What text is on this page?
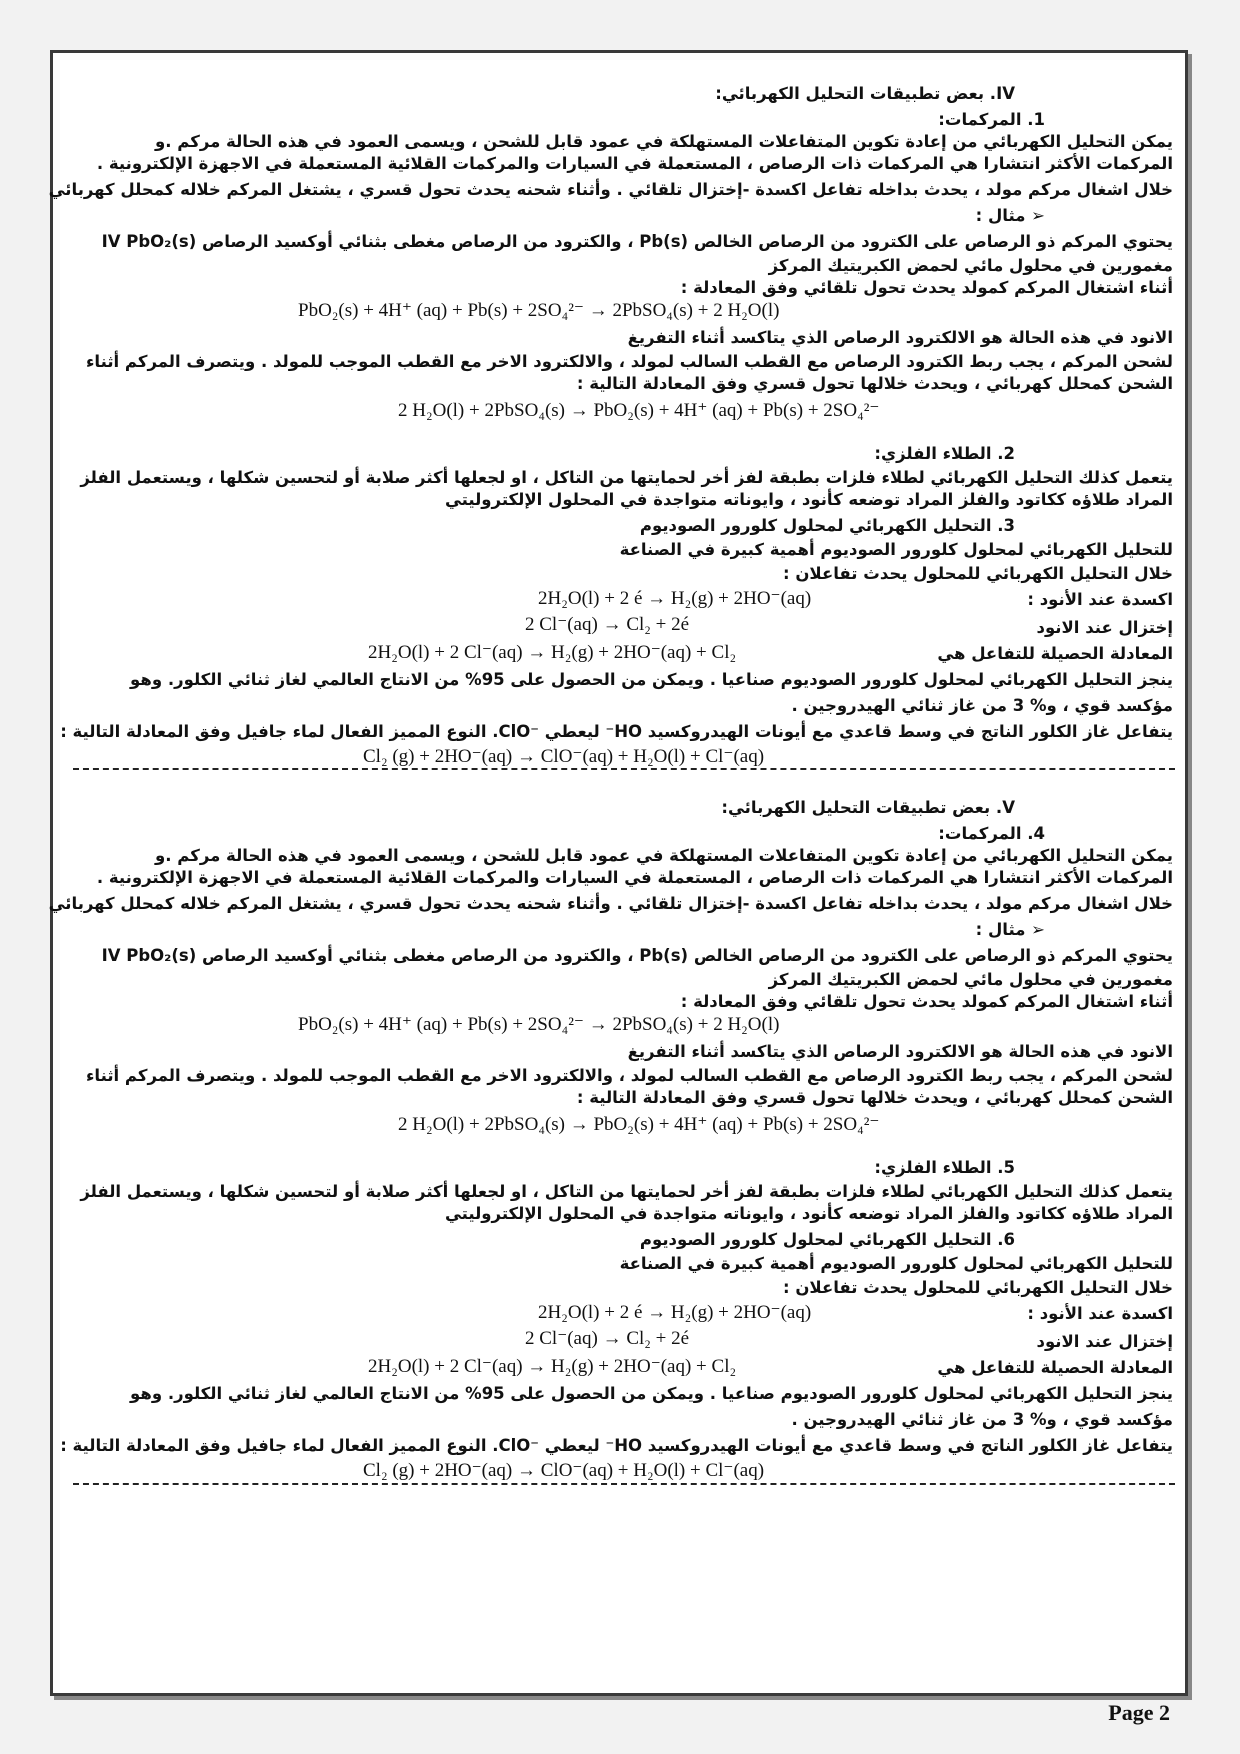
IV. بعض تطبيقات التحليل الكهربائي:
1. المركمات:
يمكن التحليل الكهربائي من إعادة تكوين المتفاعلات المستهلكة في عمود قابل للشحن ، ويسمى العمود في هذه الحالة مركم .و المركمات الأكثر انتشارا هي المركمات ذات الرصاص ، المستعملة في السيارات والمركمات القلائية المستعملة في الاجهزة الإلكترونية .
خلال اشغال مركم مولد ، يحدث بداخله تفاعل اكسدة -إختزال تلقائي . وأثناء شحنه يحدث تحول قسري ، يشتغل المركم خلاله كمحلل كهربائي
➢ مثال :
يحتوي المركم ذو الرصاص على الكترود من الرصاص الخالص Pb(s) ، والكترود من الرصاص مغطى بثنائي أوكسيد الرصاص IV PbO₂(s)
مغمورين في محلول مائي لحمض الكبريتيك المركز
أثناء اشتغال المركم كمولد يحدث تحول تلقائي وفق المعادلة :
PbO₂(s) + 4H⁺ (aq) + Pb(s) + 2SO₄²⁻ → 2PbSO₄(s) + 2 H₂O(l)
الانود في هذه الحالة هو الالكترود الرصاص الذي يتاكسد أثناء التفريغ
لشحن المركم ، يجب ربط الكترود الرصاص مع القطب السالب لمولد ، والالكترود الاخر مع القطب الموجب للمولد . ويتصرف المركم أثناء الشحن كمحلل كهربائي ، ويحدث خلالها تحول قسري وفق المعادلة التالية :
2 H₂O(l) + 2PbSO₄(s) → PbO₂(s) + 4H⁺ (aq) + Pb(s) + 2SO₄²⁻
2. الطلاء الفلزي:
يتعمل كذلك التحليل الكهربائي لطلاء فلزات بطبقة لفز أخر لحمايتها من التاكل ، او لجعلها أكثر صلابة أو لتحسين شكلها ، ويستعمل الفلز المراد طلاؤه ككاتود والفلز المراد توضعه كأنود ، وايوناته متواجدة في المحلول الإلكتروليتي
3. التحليل الكهربائي لمحلول كلورور الصوديوم
للتحليل الكهربائي لمحلول كلورور الصوديوم أهمية كبيرة في الصناعة
خلال التحليل الكهربائي للمحلول يحدث تفاعلان :
اكسدة عند الأنود :
2H₂O(l) + 2 é → H₂(g) + 2HO⁻(aq)
إختزال عند الانود
2 Cl⁻(aq) → Cl₂ + 2é
المعادلة الحصيلة للتفاعل هي
2H₂O(l) + 2 Cl⁻(aq) → H₂(g) + 2HO⁻(aq) + Cl₂
ينجز التحليل الكهربائي لمحلول كلورور الصوديوم صناعيا . ويمكن من الحصول على 95% من الانتاج العالمي لغاز ثنائي الكلور. وهو
مؤكسد قوي ، و% 3 من غاز ثنائي الهيدروجين .
يتفاعل غاز الكلور الناتج في وسط قاعدي مع أيونات الهيدروكسيد HO⁻ ليعطي ⁻ClO. النوع المميز الفعال لماء جافيل وفق المعادلة التالية :
Cl₂ (g) + 2HO⁻(aq) → ClO⁻(aq) + H₂O(l) + Cl⁻(aq)
V. بعض تطبيقات التحليل الكهربائي:
4. المركمات:
يمكن التحليل الكهربائي من إعادة تكوين المتفاعلات المستهلكة في عمود قابل للشحن ، ويسمى العمود في هذه الحالة مركم .و المركمات الأكثر انتشارا هي المركمات ذات الرصاص ، المستعملة في السيارات والمركمات القلائية المستعملة في الاجهزة الإلكترونية .
خلال اشغال مركم مولد ، يحدث بداخله تفاعل اكسدة -إختزال تلقائي . وأثناء شحنه يحدث تحول قسري ، يشتغل المركم خلاله كمحلل كهربائي
➢ مثال :
يحتوي المركم ذو الرصاص على الكترود من الرصاص الخالص Pb(s) ، والكترود من الرصاص مغطى بثنائي أوكسيد الرصاص IV PbO₂(s)
مغمورين في محلول مائي لحمض الكبريتيك المركز
أثناء اشتغال المركم كمولد يحدث تحول تلقائي وفق المعادلة :
PbO₂(s) + 4H⁺ (aq) + Pb(s) + 2SO₄²⁻ → 2PbSO₄(s) + 2 H₂O(l)
الانود في هذه الحالة هو الالكترود الرصاص الذي يتاكسد أثناء التفريغ
لشحن المركم ، يجب ربط الكترود الرصاص مع القطب السالب لمولد ، والالكترود الاخر مع القطب الموجب للمولد . ويتصرف المركم أثناء الشحن كمحلل كهربائي ، ويحدث خلالها تحول قسري وفق المعادلة التالية :
2 H₂O(l) + 2PbSO₄(s) → PbO₂(s) + 4H⁺ (aq) + Pb(s) + 2SO₄²⁻
5. الطلاء الفلزي:
يتعمل كذلك التحليل الكهربائي لطلاء فلزات بطبقة لفز أخر لحمايتها من التاكل ، او لجعلها أكثر صلابة أو لتحسين شكلها ، ويستعمل الفلز المراد طلاؤه ككاتود والفلز المراد توضعه كأنود ، وايوناته متواجدة في المحلول الإلكتروليتي
6. التحليل الكهربائي لمحلول كلورور الصوديوم
للتحليل الكهربائي لمحلول كلورور الصوديوم أهمية كبيرة في الصناعة
خلال التحليل الكهربائي للمحلول يحدث تفاعلان :
اكسدة عند الأنود :
2H₂O(l) + 2 é → H₂(g) + 2HO⁻(aq)
إختزال عند الانود
2 Cl⁻(aq) → Cl₂ + 2é
المعادلة الحصيلة للتفاعل هي
2H₂O(l) + 2 Cl⁻(aq) → H₂(g) + 2HO⁻(aq) + Cl₂
ينجز التحليل الكهربائي لمحلول كلورور الصوديوم صناعيا . ويمكن من الحصول على 95% من الانتاج العالمي لغاز ثنائي الكلور. وهو
مؤكسد قوي ، و% 3 من غاز ثنائي الهيدروجين .
يتفاعل غاز الكلور الناتج في وسط قاعدي مع أيونات الهيدروكسيد HO⁻ ليعطي ⁻ClO. النوع المميز الفعال لماء جافيل وفق المعادلة التالية :
Cl₂ (g) + 2HO⁻(aq) → ClO⁻(aq) + H₂O(l) + Cl⁻(aq)
Page 2
